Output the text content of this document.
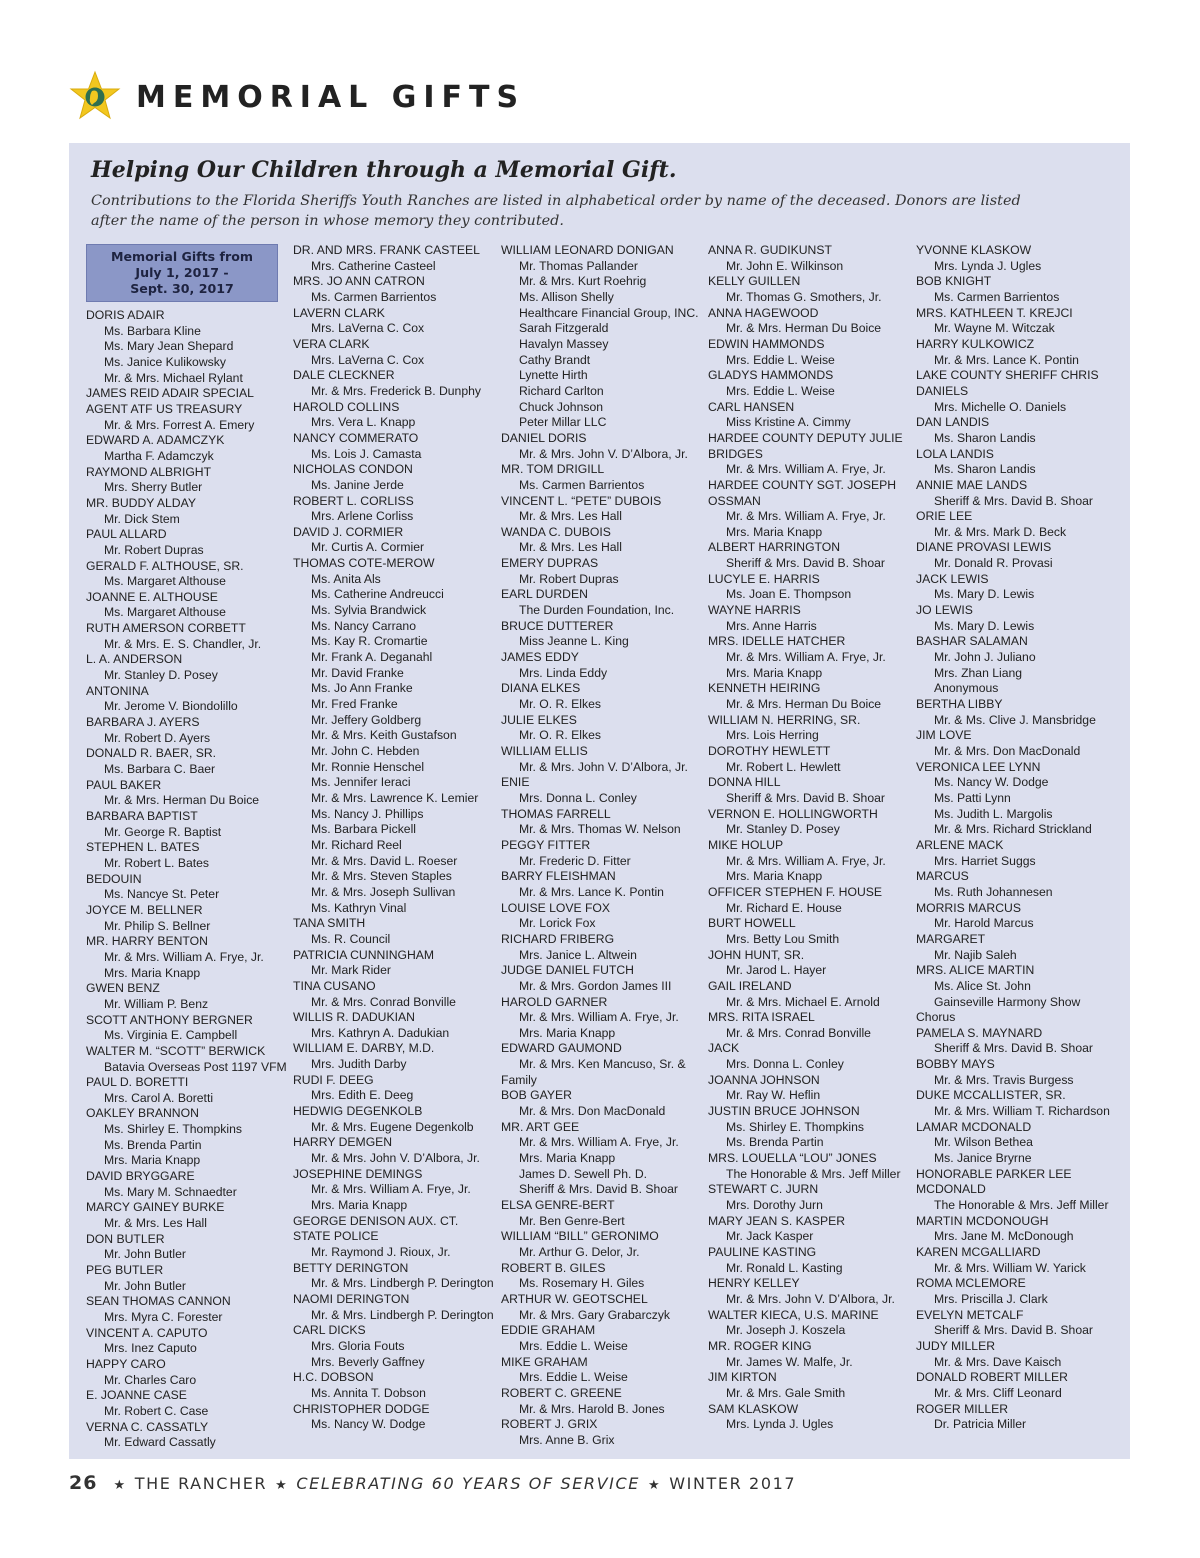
MEMORIAL GIFTS
Helping Our Children through a Memorial Gift.
Contributions to the Florida Sheriffs Youth Ranches are listed in alphabetical order by name of the deceased. Donors are listed
after the name of the person in whose memory they contributed.
Memorial Gifts from
July 1, 2017 -
Sept. 30, 2017
DORIS ADAIR
Ms. Barbara Kline
Ms. Mary Jean Shepard
Ms. Janice Kulikowsky
Mr. & Mrs. Michael Rylant
JAMES REID ADAIR SPECIAL
AGENT ATF US TREASURY
Mr. & Mrs. Forrest A. Emery
EDWARD A. ADAMCZYK
Martha F. Adamczyk
RAYMOND ALBRIGHT
Mrs. Sherry Butler
MR. BUDDY ALDAY
Mr. Dick Stem
PAUL ALLARD
Mr. Robert Dupras
GERALD F. ALTHOUSE, SR.
Ms. Margaret Althouse
JOANNE E. ALTHOUSE
Ms. Margaret Althouse
RUTH AMERSON CORBETT
Mr. & Mrs. E. S. Chandler, Jr.
L. A. ANDERSON
Mr. Stanley D. Posey
ANTONINA
Mr. Jerome V. Biondolillo
BARBARA J. AYERS
Mr. Robert D. Ayers
DONALD R. BAER, SR.
Ms. Barbara C. Baer
PAUL BAKER
Mr. & Mrs. Herman Du Boice
BARBARA BAPTIST
Mr. George R. Baptist
STEPHEN L. BATES
Mr. Robert L. Bates
BEDOUIN
Ms. Nancye St. Peter
JOYCE M. BELLNER
Mr. Philip S. Bellner
MR. HARRY BENTON
Mr. & Mrs. William A. Frye, Jr.
Mrs. Maria Knapp
GWEN BENZ
Mr. William P. Benz
SCOTT ANTHONY BERGNER
Ms. Virginia E. Campbell
WALTER M. “SCOTT” BERWICK
Batavia Overseas Post 1197 VFM
PAUL D. BORETTI
Mrs. Carol A. Boretti
OAKLEY BRANNON
Ms. Shirley E. Thompkins
Ms. Brenda Partin
Mrs. Maria Knapp
DAVID BRYGGARE
Ms. Mary M. Schnaedter
MARCY GAINEY BURKE
Mr. & Mrs. Les Hall
DON BUTLER
Mr. John Butler
PEG BUTLER
Mr. John Butler
SEAN THOMAS CANNON
Mrs. Myra C. Forester
VINCENT A. CAPUTO
Mrs. Inez Caputo
HAPPY CARO
Mr. Charles Caro
E. JOANNE CASE
Mr. Robert C. Case
VERNA C. CASSATLY
Mr. Edward Cassatly
DR. AND MRS. FRANK CASTEEL
Mrs. Catherine Casteel
MRS. JO ANN CATRON
Ms. Carmen Barrientos
LAVERN CLARK
Mrs. LaVerna C. Cox
VERA CLARK
Mrs. LaVerna C. Cox
DALE CLECKNER
Mr. & Mrs. Frederick B. Dunphy
HAROLD COLLINS
Mrs. Vera L. Knapp
NANCY COMMERATO
Ms. Lois J. Camasta
NICHOLAS CONDON
Ms. Janine Jerde
ROBERT L. CORLISS
Mrs. Arlene Corliss
DAVID J. CORMIER
Mr. Curtis A. Cormier
THOMAS COTE-MEROW
Ms. Anita Als
Ms. Catherine Andreucci
Ms. Sylvia Brandwick
Ms. Nancy Carrano
Ms. Kay R. Cromartie
Mr. Frank A. Deganahl
Mr. David Franke
Ms. Jo Ann Franke
Mr. Fred Franke
Mr. Jeffery Goldberg
Mr. & Mrs. Keith Gustafson
Mr. John C. Hebden
Mr. Ronnie Henschel
Ms. Jennifer Ieraci
Mr. & Mrs. Lawrence K. Lemier
Ms. Nancy J. Phillips
Ms. Barbara Pickell
Mr. Richard Reel
Mr. & Mrs. David L. Roeser
Mr. & Mrs. Steven Staples
Mr. & Mrs. Joseph Sullivan
Ms. Kathryn Vinal
TANA SMITH
Ms. R. Council
PATRICIA CUNNINGHAM
Mr. Mark Rider
TINA CUSANO
Mr. & Mrs. Conrad Bonville
WILLIS R. DADUKIAN
Mrs. Kathryn A. Dadukian
WILLIAM E. DARBY, M.D.
Mrs. Judith Darby
RUDI F. DEEG
Mrs. Edith E. Deeg
HEDWIG DEGENKOLB
Mr. & Mrs. Eugene Degenkolb
HARRY DEMGEN
Mr. & Mrs. John V. D’Albora, Jr.
JOSEPHINE DEMINGS
Mr. & Mrs. William A. Frye, Jr.
Mrs. Maria Knapp
GEORGE DENISON AUX. CT.
STATE POLICE
Mr. Raymond J. Rioux, Jr.
BETTY DERINGTON
Mr. & Mrs. Lindbergh P. Derington
NAOMI DERINGTON
Mr. & Mrs. Lindbergh P. Derington
CARL DICKS
Mrs. Gloria Fouts
Mrs. Beverly Gaffney
H.C. DOBSON
Ms. Annita T. Dobson
CHRISTOPHER DODGE
Ms. Nancy W. Dodge
WILLIAM LEONARD DONIGAN
Mr. Thomas Pallander
Mr. & Mrs. Kurt Roehrig
Ms. Allison Shelly
Healthcare Financial Group, INC.
Sarah Fitzgerald
Havalyn Massey
Cathy Brandt
Lynette Hirth
Richard Carlton
Chuck Johnson
Peter Millar LLC
DANIEL DORIS
Mr. & Mrs. John V. D’Albora, Jr.
MR. TOM DRIGILL
Ms. Carmen Barrientos
VINCENT L. “PETE” DUBOIS
Mr. & Mrs. Les Hall
WANDA C. DUBOIS
Mr. & Mrs. Les Hall
EMERY DUPRAS
Mr. Robert Dupras
EARL DURDEN
The Durden Foundation, Inc.
BRUCE DUTTERER
Miss Jeanne L. King
JAMES EDDY
Mrs. Linda Eddy
DIANA ELKES
Mr. O. R. Elkes
JULIE ELKES
Mr. O. R. Elkes
WILLIAM ELLIS
Mr. & Mrs. John V. D’Albora, Jr.
ENIE
Mrs. Donna L. Conley
THOMAS FARRELL
Mr. & Mrs. Thomas W. Nelson
PEGGY FITTER
Mr. Frederic D. Fitter
BARRY FLEISHMAN
Mr. & Mrs. Lance K. Pontin
LOUISE LOVE FOX
Mr. Lorick Fox
RICHARD FRIBERG
Mrs. Janice L. Altwein
JUDGE DANIEL FUTCH
Mr. & Mrs. Gordon James III
HAROLD GARNER
Mr. & Mrs. William A. Frye, Jr.
Mrs. Maria Knapp
EDWARD GAUMOND
Mr. & Mrs. Ken Mancuso, Sr. &
Family
BOB GAYER
Mr. & Mrs. Don MacDonald
MR. ART GEE
Mr. & Mrs. William A. Frye, Jr.
Mrs. Maria Knapp
James D. Sewell Ph. D.
Sheriff & Mrs. David B. Shoar
ELSA GENRE-BERT
Mr. Ben Genre-Bert
WILLIAM “BILL” GERONIMO
Mr. Arthur G. Delor, Jr.
ROBERT B. GILES
Ms. Rosemary H. Giles
ARTHUR W. GEOTSCHEL
Mr. & Mrs. Gary Grabarczyk
EDDIE GRAHAM
Mrs. Eddie L. Weise
MIKE GRAHAM
Mrs. Eddie L. Weise
ROBERT C. GREENE
Mr. & Mrs. Harold B. Jones
ROBERT J. GRIX
Mrs. Anne B. Grix
ANNA R. GUDIKUNST
Mr. John E. Wilkinson
KELLY GUILLEN
Mr. Thomas G. Smothers, Jr.
ANNA HAGEWOOD
Mr. & Mrs. Herman Du Boice
EDWIN HAMMONDS
Mrs. Eddie L. Weise
GLADYS HAMMONDS
Mrs. Eddie L. Weise
CARL HANSEN
Miss Kristine A. Cimmy
HARDEE COUNTY DEPUTY JULIE
BRIDGES
Mr. & Mrs. William A. Frye, Jr.
HARDEE COUNTY SGT. JOSEPH
OSSMAN
Mr. & Mrs. William A. Frye, Jr.
Mrs. Maria Knapp
ALBERT HARRINGTON
Sheriff & Mrs. David B. Shoar
LUCYLE E. HARRIS
Ms. Joan E. Thompson
WAYNE HARRIS
Mrs. Anne Harris
MRS. IDELLE HATCHER
Mr. & Mrs. William A. Frye, Jr.
Mrs. Maria Knapp
KENNETH HEIRING
Mr. & Mrs. Herman Du Boice
WILLIAM N. HERRING, SR.
Mrs. Lois Herring
DOROTHY HEWLETT
Mr. Robert L. Hewlett
DONNA HILL
Sheriff & Mrs. David B. Shoar
VERNON E. HOLLINGWORTH
Mr. Stanley D. Posey
MIKE HOLUP
Mr. & Mrs. William A. Frye, Jr.
Mrs. Maria Knapp
OFFICER STEPHEN F. HOUSE
Mr. Richard E. House
BURT HOWELL
Mrs. Betty Lou Smith
JOHN HUNT, SR.
Mr. Jarod L. Hayer
GAIL IRELAND
Mr. & Mrs. Michael E. Arnold
MRS. RITA ISRAEL
Mr. & Mrs. Conrad Bonville
JACK
Mrs. Donna L. Conley
JOANNA JOHNSON
Mr. Ray W. Heflin
JUSTIN BRUCE JOHNSON
Ms. Shirley E. Thompkins
Ms. Brenda Partin
MRS. LOUELLA “LOU” JONES
The Honorable & Mrs. Jeff Miller
STEWART C. JURN
Mrs. Dorothy Jurn
MARY JEAN S. KASPER
Mr. Jack Kasper
PAULINE KASTING
Mr. Ronald L. Kasting
HENRY KELLEY
Mr. & Mrs. John V. D’Albora, Jr.
WALTER KIECA, U.S. MARINE
Mr. Joseph J. Koszela
MR. ROGER KING
Mr. James W. Malfe, Jr.
JIM KIRTON
Mr. & Mrs. Gale Smith
SAM KLASKOW
Mrs. Lynda J. Ugles
YVONNE KLASKOW
Mrs. Lynda J. Ugles
BOB KNIGHT
Ms. Carmen Barrientos
MRS. KATHLEEN T. KREJCI
Mr. Wayne M. Witczak
HARRY KULKOWICZ
Mr. & Mrs. Lance K. Pontin
LAKE COUNTY SHERIFF CHRIS
DANIELS
Mrs. Michelle O. Daniels
DAN LANDIS
Ms. Sharon Landis
LOLA LANDIS
Ms. Sharon Landis
ANNIE MAE LANDS
Sheriff & Mrs. David B. Shoar
ORIE LEE
Mr. & Mrs. Mark D. Beck
DIANE PROVASI LEWIS
Mr. Donald R. Provasi
JACK LEWIS
Ms. Mary D. Lewis
JO LEWIS
Ms. Mary D. Lewis
BASHAR SALAMAN
Mr. John J. Juliano
Mrs. Zhan Liang
Anonymous
BERTHA LIBBY
Mr. & Ms. Clive J. Mansbridge
JIM LOVE
Mr. & Mrs. Don MacDonald
VERONICA LEE LYNN
Ms. Nancy W. Dodge
Ms. Patti Lynn
Ms. Judith L. Margolis
Mr. & Mrs. Richard Strickland
ARLENE MACK
Mrs. Harriet Suggs
MARCUS
Ms. Ruth Johannesen
MORRIS MARCUS
Mr. Harold Marcus
MARGARET
Mr. Najib Saleh
MRS. ALICE MARTIN
Ms. Alice St. John
Gainseville Harmony Show
Chorus
PAMELA S. MAYNARD
Sheriff & Mrs. David B. Shoar
BOBBY MAYS
Mr. & Mrs. Travis Burgess
DUKE MCCALLISTER, SR.
Mr. & Mrs. William T. Richardson
LAMAR MCDONALD
Mr. Wilson Bethea
Ms. Janice Bryrne
HONORABLE PARKER LEE
MCDONALD
The Honorable & Mrs. Jeff Miller
MARTIN MCDONOUGH
Mrs. Jane M. McDonough
KAREN MCGALLIARD
Mr. & Mrs. William W. Yarick
ROMA MCLEMORE
Mrs. Priscilla J. Clark
EVELYN METCALF
Sheriff & Mrs. David B. Shoar
JUDY MILLER
Mr. & Mrs. Dave Kaisch
DONALD ROBERT MILLER
Mr. & Mrs. Cliff Leonard
ROGER MILLER
Dr. Patricia Miller
26 ★ THE RANCHER ★ CELEBRATING 60 YEARS OF SERVICE ★ WINTER 2017
